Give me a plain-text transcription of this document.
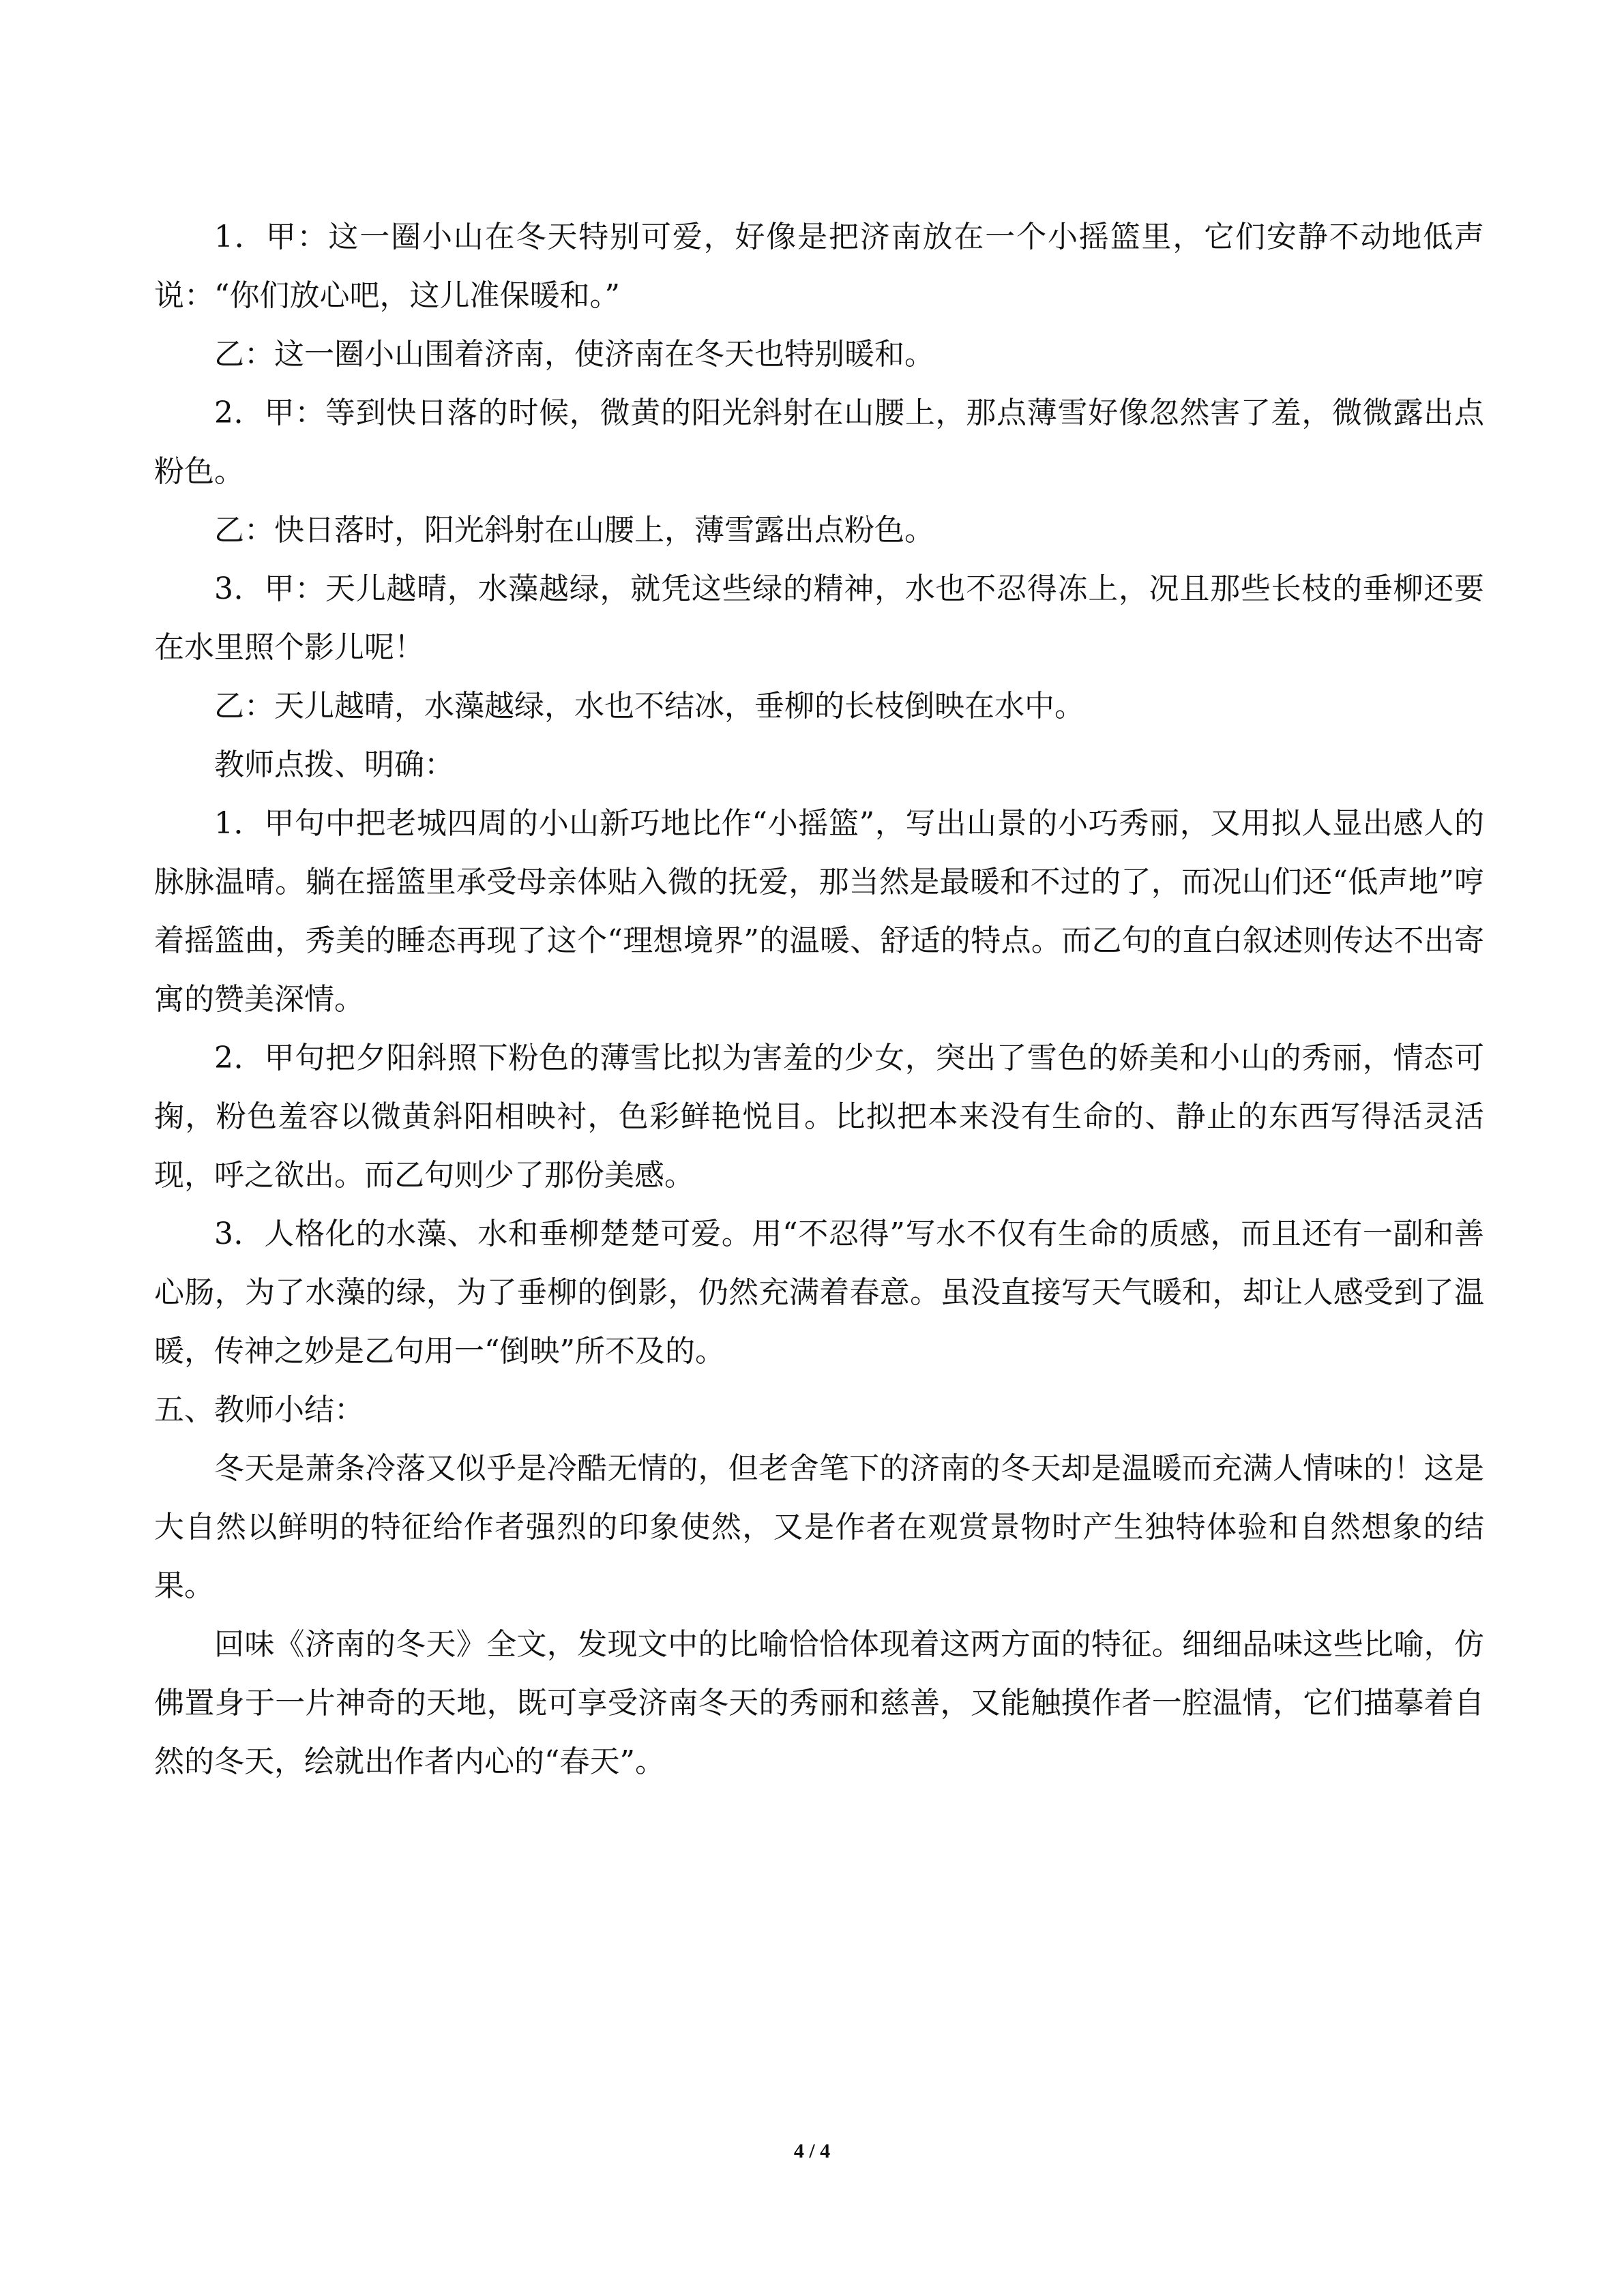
1．甲：这一圈小山在冬天特别可爱，好像是把济南放在一个小摇篮里，它们安静不动地低声说：“你们放心吧，这儿准保暖和。”

乙：这一圈小山围着济南，使济南在冬天也特别暖和。

2．甲：等到快日落的时候，微黄的阳光斜射在山腰上，那点薄雪好像忽然害了羞，微微露出点粉色。

乙：快日落时，阳光斜射在山腰上，薄雪露出点粉色。

3．甲：天儿越晴，水藻越绿，就凭这些绿的精神，水也不忍得冻上，况且那些长枝的垂柳还要在水里照个影儿呢！

乙：天儿越晴，水藻越绿，水也不结冰，垂柳的长枝倒映在水中。

教师点拨、明确：

1．甲句中把老城四周的小山新巧地比作“小摇篮”，写出山景的小巧秀丽，又用拟人显出感人的脉脉温晴。躺在摇篮里承受母亲体贴入微的抚爱，那当然是最暖和不过的了，而况山们还“低声地”哼着摇篮曲，秀美的睡态再现了这个“理想境界”的温暖、舒适的特点。而乙句的直白叙述则传达不出寄寓的赞美深情。

2．甲句把夕阳斜照下粉色的薄雪比拟为害羞的少女，突出了雪色的娇美和小山的秀丽，情态可掬，粉色羞容以微黄斜阳相映衬，色彩鲜艳悦目。比拟把本来没有生命的、静止的东西写得活灵活现，呼之欲出。而乙句则少了那份美感。

3．人格化的水藻、水和垂柳楚楚可爱。用“不忍得”写水不仅有生命的质感，而且还有一副和善心肠，为了水藻的绿，为了垂柳的倒影，仍然充满着春意。虽没直接写天气暖和，却让人感受到了温暖，传神之妙是乙句用一“倒映”所不及的。

五、教师小结：

冬天是萧条冷落又似乎是冷酷无情的，但老舍笔下的济南的冬天却是温暖而充满人情味的！这是大自然以鲜明的特征给作者强烈的印象使然，又是作者在观赏景物时产生独特体验和自然想象的结果。

回味《济南的冬天》全文，发现文中的比喻恰恰体现着这两方面的特征。细细品味这些比喻，仿佛置身于一片神奇的天地，既可享受济南冬天的秀丽和慈善，又能触摸作者一腔温情，它们描摹着自然的冬天，绘就出作者内心的“春天”。

4 / 4
